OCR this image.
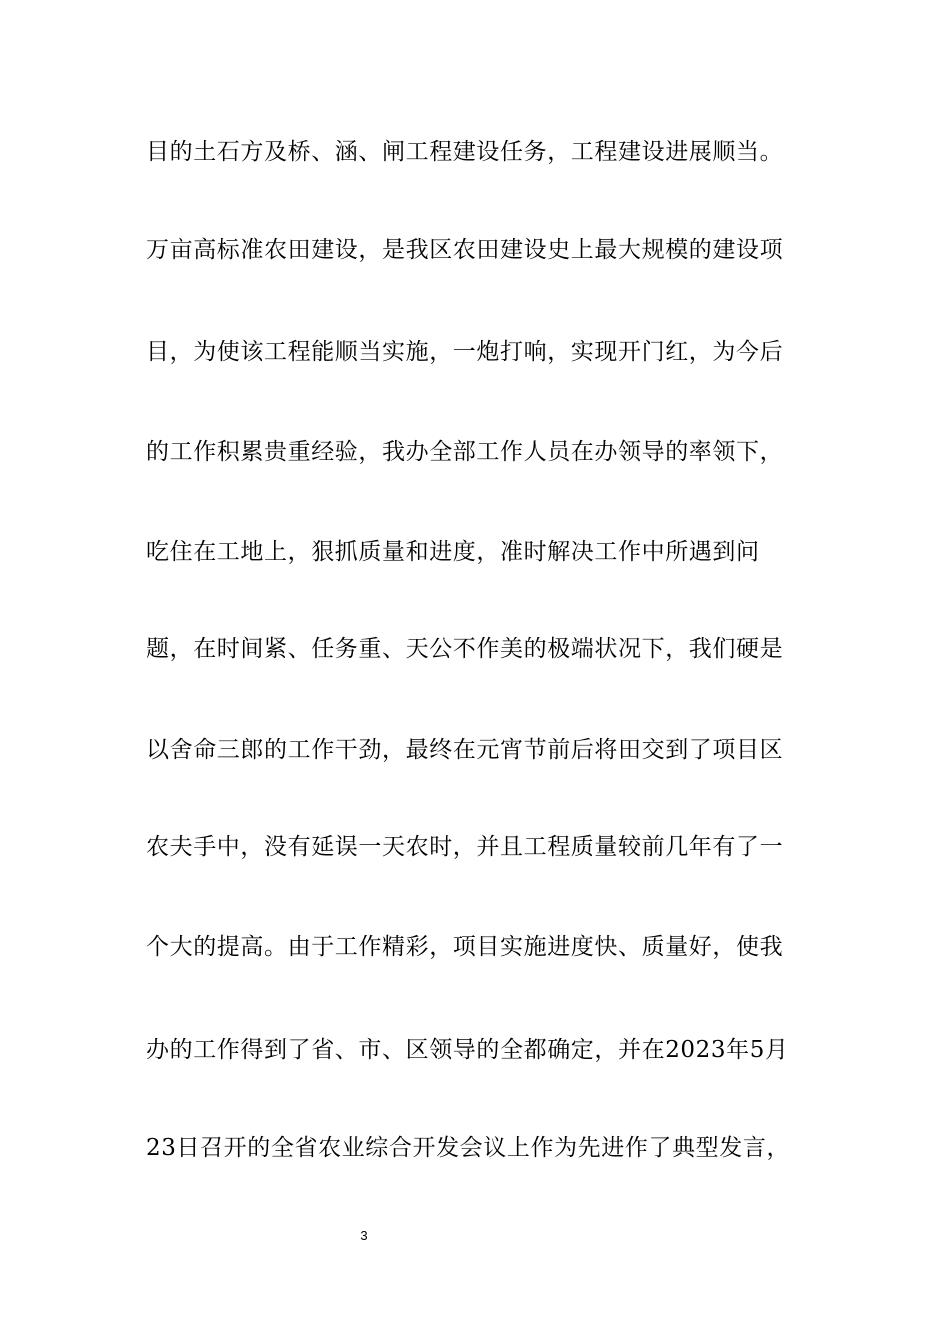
目的土石方及桥、涵、闸工程建设任务，工程建设进展顺当。
万亩高标准农田建设，是我区农田建设史上最大规模的建设项
目，为使该工程能顺当实施，一炮打响，实现开门红，为今后
的工作积累贵重经验，我办全部工作人员在办领导的率领下，
吃住在工地上，狠抓质量和进度，准时解决工作中所遇到问
题，在时间紧、任务重、天公不作美的极端状况下，我们硬是
以舍命三郎的工作干劲，最终在元宵节前后将田交到了项目区
农夫手中，没有延误一天农时，并且工程质量较前几年有了一
个大的提高。由于工作精彩，项目实施进度快、质量好，使我
办的工作得到了省、市、区领导的全都确定，并在2023年5月
23日召开的全省农业综合开发会议上作为先进作了典型发言，
3
